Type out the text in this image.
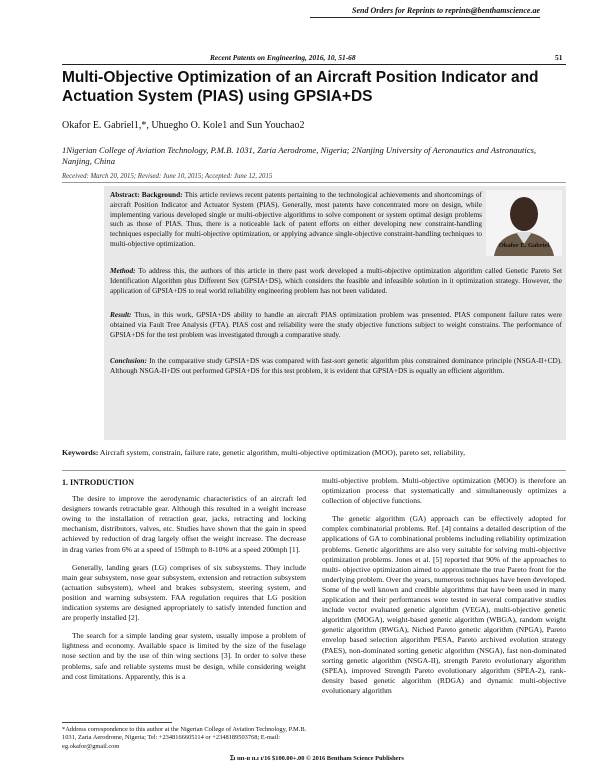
Send Orders for Reprints to reprints@benthamscience.ae
Recent Patents on Engineering, 2016, 10, 51-68	51
Multi-Objective Optimization of an Aircraft Position Indicator and Actuation System (PIAS) using GPSIA+DS
Okafor E. Gabriel1,*, Uhuegho O. Kole1 and Sun Youchao2
1Nigerian College of Aviation Technology, P.M.B. 1031, Zaria Aerodrome, Nigeria; 2Nanjing University of Aeronautics and Astronautics, Nanjing, China
Received: March 20, 2015; Revised: June 10, 2015; Accepted: June 12, 2015
Abstract: Background: This article reviews recent patents pertaining to the technological achievements and shortcomings of aircraft Position Indicator and Actuator System (PIAS). Generally, most patents have concentrated more on design, while implementing various developed single or multi-objective algorithms to solve component or system optimal design problems such as those of PIAS. Thus, there is a noticeable lack of patent efforts on either developing new constraint-handling techniques especially for multi-objective optimization, or applying advance single-objective constraint-handling techniques to multi-objective optimization.
Method: To address this, the authors of this article in there past work developed a multi-objective optimization algorithm called Genetic Pareto Set Identification Algorithm plus Different Sex (GPSIA+DS), which considers the feasible and infeasible solution in it optimization strategy. However, the application of GPSIA+DS to real world reliability engineering problem has not been validated.
Result: Thus, in this work, GPSIA+DS ability to handle an aircraft PIAS optimization problem was presented. PIAS component failure rates were obtained via Fault Tree Analysis (FTA). PIAS cost and reliability were the study objective functions subject to weight constrains. The performance of GPSIA+DS for the test problem was investigated through a comparative study.
Conclusion: In the comparative study GPSIA+DS was compared with fast-sort genetic algorithm plus constrained dominance principle (NSGA-II+CD). Although NSGA-II+DS out performed GPSIA+DS for this test problem, it is evident that GPSIA+DS is equally an efficient algorithm.
Okafor E. Gabriel
Keywords: Aircraft system, constrain, failure rate, genetic algorithm, multi-objective optimization (MOO), pareto set, reliability,
1. INTRODUCTION

The desire to improve the aerodynamic characteristics of an aircraft led designers towards retractable gear. Although this resulted in a weight increase owing to the installation of retraction gear, jacks, retracting and locking mechanism, distributors, valves, etc. Studies have shown that the gain in speed achieved by reduction of drag largely offset the weight increase. The decrease in drag varies from 6% at a speed of 150mph to 8-10% at a speed 200mph [1].

Generally, landing gears (LG) comprises of six subsystems. They include main gear subsystem, nose gear subsystem, extension and retraction subsystem (actuation subsystem), wheel and brakes subsystem, steering system, and position and warning subsystem. FAA regulation requires that LG position indication systems are designed appropriately to satisfy intended function and are properly installed [2].

The search for a simple landing gear system, usually impose a problem of lightness and economy. Available space is limited by the size of the fuselage nose section and by the use of thin wing sections [3]. In order to solve these problems, safe and reliable systems must be design, while considering weight and cost limitations. Apparently, this is a

multi-objective problem. Multi-objective optimization (MOO) is therefore an optimization process that systematically and simultaneously optimizes a collection of objective functions.

The genetic algorithm (GA) approach can be effectively adopted for complex combinatorial problems. Ref. [4] contains a detailed description of the applications of GA to combinational problems including reliability optimization problems. Genetic algorithms are also very suitable for solving multi-objective optimization problems. Jones et al. [5] reported that 90% of the approaches to multi- objective optimization aimed to approximate the true Pareto front for the underlying problem. Over the years, numerous techniques have been developed. Some of the well known and credible algorithms that have been used in many application and their performances were tested in several comparative studies include vector evaluated genetic algorithm (VEGA), multi-objective genetic algorithm (MOGA), weight-based genetic algorithm (WBGA), random weight genetic algorithm (RWGA), Niched Pareto genetic algorithm (NPGA), Pareto envelop based selection algorithm PESA, Pareto archived evolution strategy (PAES), non-dominated sorting genetic algorithm (NSGA), fast non-dominated sorting genetic algorithm (NSGA-II), strength Pareto evolutionary algorithm (SPEA), improved Strength Pareto evolutionary algorithm (SPEA-2), rank- density based genetic algorithm (RDGA) and dynamic multi-objective evolutionary algorithm

*Address correspondence to this author at the Nigerian College of Aviation Technology, P.M.B. 1031, Zaria Aerodrome, Nigeria; Tel: +2348166605114 or +2348189503768; E-mail: eg.okafor@gmail.com
Ɪɪ ɪɪɪɪ-ɪɪ ɪɪ.ɪ ɪ/16 $100.00+.00 © 2016 Bentham Science Publishers
